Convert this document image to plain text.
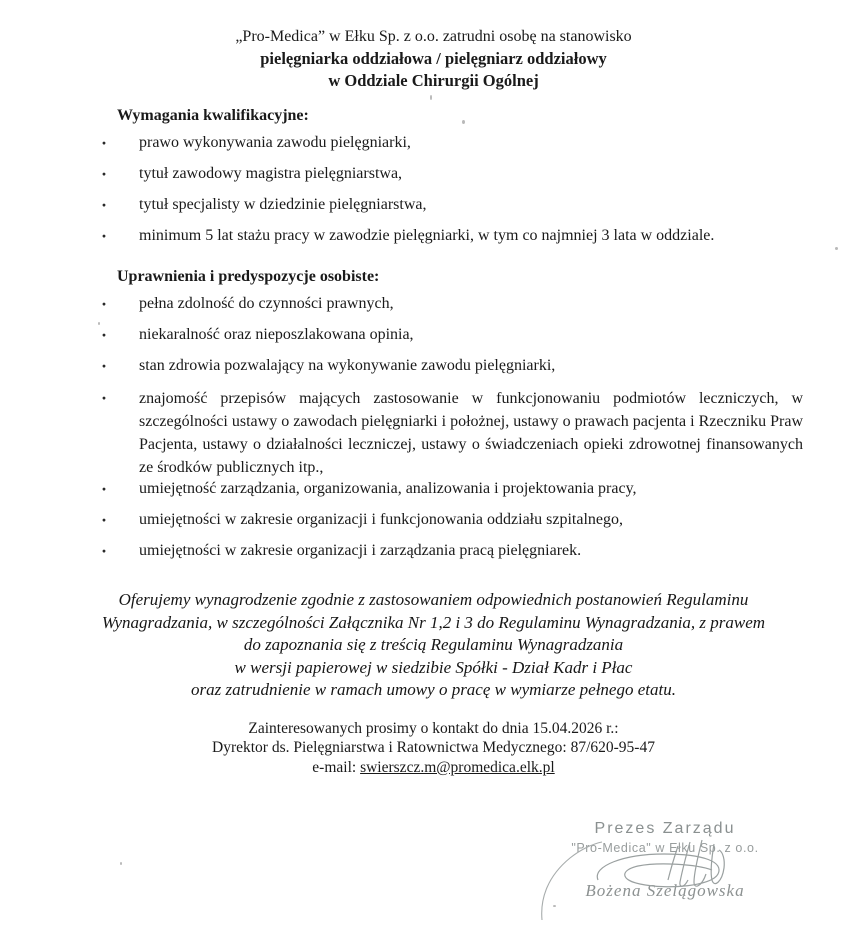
„Pro-Medica” w Ełku Sp. z o.o. zatrudni osobę na stanowisko
pielęgniarka oddziałowa / pielęgniarz oddziałowy
w Oddziale Chirurgii Ogólnej
Wymagania kwalifikacyjne:
· prawo wykonywania zawodu pielęgniarki,
· tytuł zawodowy magistra pielęgniarstwa,
· tytuł specjalisty w dziedzinie pielęgniarstwa,
· minimum 5 lat stażu pracy w zawodzie pielęgniarki, w tym co najmniej 3 lata w oddziale.
Uprawnienia i predyspozycje osobiste:
· pełna zdolność do czynności prawnych,
· niekaralność oraz nieposzlakowana opinia,
· stan zdrowia pozwalający na wykonywanie zawodu pielęgniarki,
· znajomość przepisów mających zastosowanie w funkcjonowaniu podmiotów leczniczych, w szczególności ustawy o zawodach pielęgniarki i położnej, ustawy o prawach pacjenta i Rzeczniku Praw Pacjenta, ustawy o działalności leczniczej, ustawy o świadczeniach opieki zdrowotnej finansowanych ze środków publicznych itp.,
· umiejętność zarządzania, organizowania, analizowania i projektowania pracy,
· umiejętności w zakresie organizacji i funkcjonowania oddziału szpitalnego,
· umiejętności w zakresie organizacji i zarządzania pracą pielęgniarek.
Oferujemy wynagrodzenie zgodnie z zastosowaniem odpowiednich postanowień Regulaminu
Wynagradzania, w szczególności Załącznika Nr 1,2 i 3 do Regulaminu Wynagradzania, z prawem
do zapoznania się z treścią Regulaminu Wynagradzania
w wersji papierowej w siedzibie Spółki - Dział Kadr i Płac
oraz zatrudnienie w ramach umowy o pracę w wymiarze pełnego etatu.
Zainteresowanych prosimy o kontakt do dnia 15.04.2026 r.:
Dyrektor ds. Pielęgniarstwa i Ratownictwa Medycznego: 87/620-95-47
e-mail: swierszcz.m@promedica.elk.pl
Prezes Zarządu
"Pro-Medica" w Ełku Sp. z o.o.
Bożena Szelągowska
